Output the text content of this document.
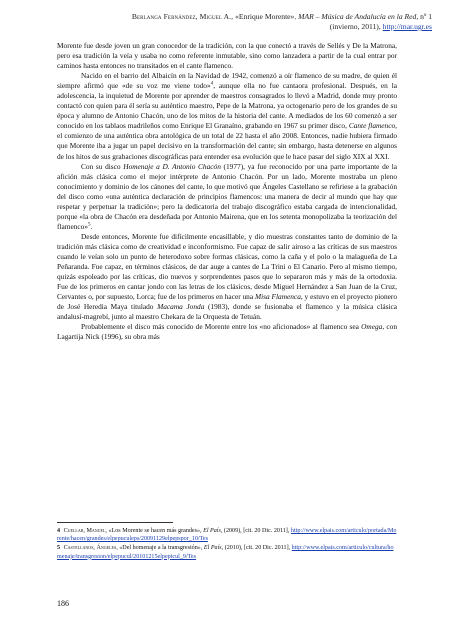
Berlanga Fernández, Miguel A., «Enrique Morente», MAR – Música de Andalucía en la Red, nº 1
(invierno, 2011), http://mar.ugr.es

Morente fue desde joven un gran conocedor de la tradición, con la que conectó a través de Sellés y De la Matrona, pero esa tradición la veía y usaba no como referente inmutable, sino como lanzadera a partir de la cual entrar por caminos hasta entonces no transitados en el cante flamenco.

Nacido en el barrio del Albaicín en la Navidad de 1942, comenzó a oír flamenco de su madre, de quien él siempre afirmó que «de su voz me viene todo»$^4$, aunque ella no fue cantaora profesional. Después, en la adolescencia, la inquietud de Morente por aprender de maestros consagrados lo llevó a Madrid, donde muy pronto contactó con quien para él sería su auténtico maestro, Pepe de la Matrona, ya octogenario pero de los grandes de su época y alumno de Antonio Chacón, uno de los mitos de la historia del cante. A mediados de los 60 comenzó a ser conocido en los tablaos madrileños como Enrique El Granaíno, grabando en 1967 su primer disco, Cante flamenco, el comienzo de una auténtica obra antológica de un total de 22 hasta el año 2008. Entonces, nadie hubiera firmado que Morente iba a jugar un papel decisivo en la transformación del cante; sin embargo, hasta detenerse en algunos de los hitos de sus grabaciones discográficas para entender esa evolución que le hace pasar del siglo XIX al XXI.

Con su disco Homenaje a D. Antonio Chacón (1977), ya fue reconocido por una parte importante de la afición más clásica como el mejor intérprete de Antonio Chacón. Por un lado, Morente mostraba un pleno conocimiento y dominio de los cánones del cante, lo que motivó que Ángeles Castellano se refiriese a la grabación del disco como «una auténtica declaración de principios flamencos: una manera de decir al mundo que hay que respetar y perpetuar la tradición»; pero la dedicatoria del trabajo discográfico estaba cargada de intencionalidad, porque «la obra de Chacón era desdeñada por Antonio Mairena, que en los setenta monopolizaba la teorización del flamenco»$^5$.

Desde entonces, Morente fue difícilmente encasillable, y dio muestras constantes tanto de dominio de la tradición más clásica como de creatividad e inconformismo. Fue capaz de salir airoso a las críticas de sus maestros cuando le veían solo un punto de heterodoxo sobre formas clásicas, como la caña y el polo o la malagueña de La Peñaranda. Fue capaz, en términos clásicos, de dar auge a cantes de La Trini o El Canario. Pero al mismo tiempo, quizás espoleado por las críticas, dio nuevos y sorprendentes pasos que lo separaron más y más de la ortodoxia. Fue de los primeros en cantar jondo con las letras de los clásicos, desde Miguel Hernández a San Juan de la Cruz, Cervantes o, por supuesto, Lorca; fue de los primeros en hacer una Misa Flamenca, y estuvo en el proyecto pionero de José Heredia Maya titulado Macama Jonda (1983), donde se fusionaba el flamenco y la música clásica andalusí-magrebí, junto al maestro Chekara de la Orquesta de Tetuán.

Probablemente el disco más conocido de Morente entre los «no aficionados» al flamenco sea Omega, con Lagartija Nick (1996), su obra más

4 Cuellar, Manuel, «Los Morente se hacen más grandes», El País, (2009), [cit. 20 Dic. 2011], http://www.elpais.com/articulo/portada/Morente/hacen/grandes/elpepuculeps/20091129elpepspor_10/Tes

5 Castellanos, Ángeles, «Del homenaje a la transgresión», El País, (2010), [cit. 20 Dic. 2011], http://www.elpais.com/articulo/cultura/homenaje/transgresion/elpepucul/20101215elpepicul_9/Tes

186
